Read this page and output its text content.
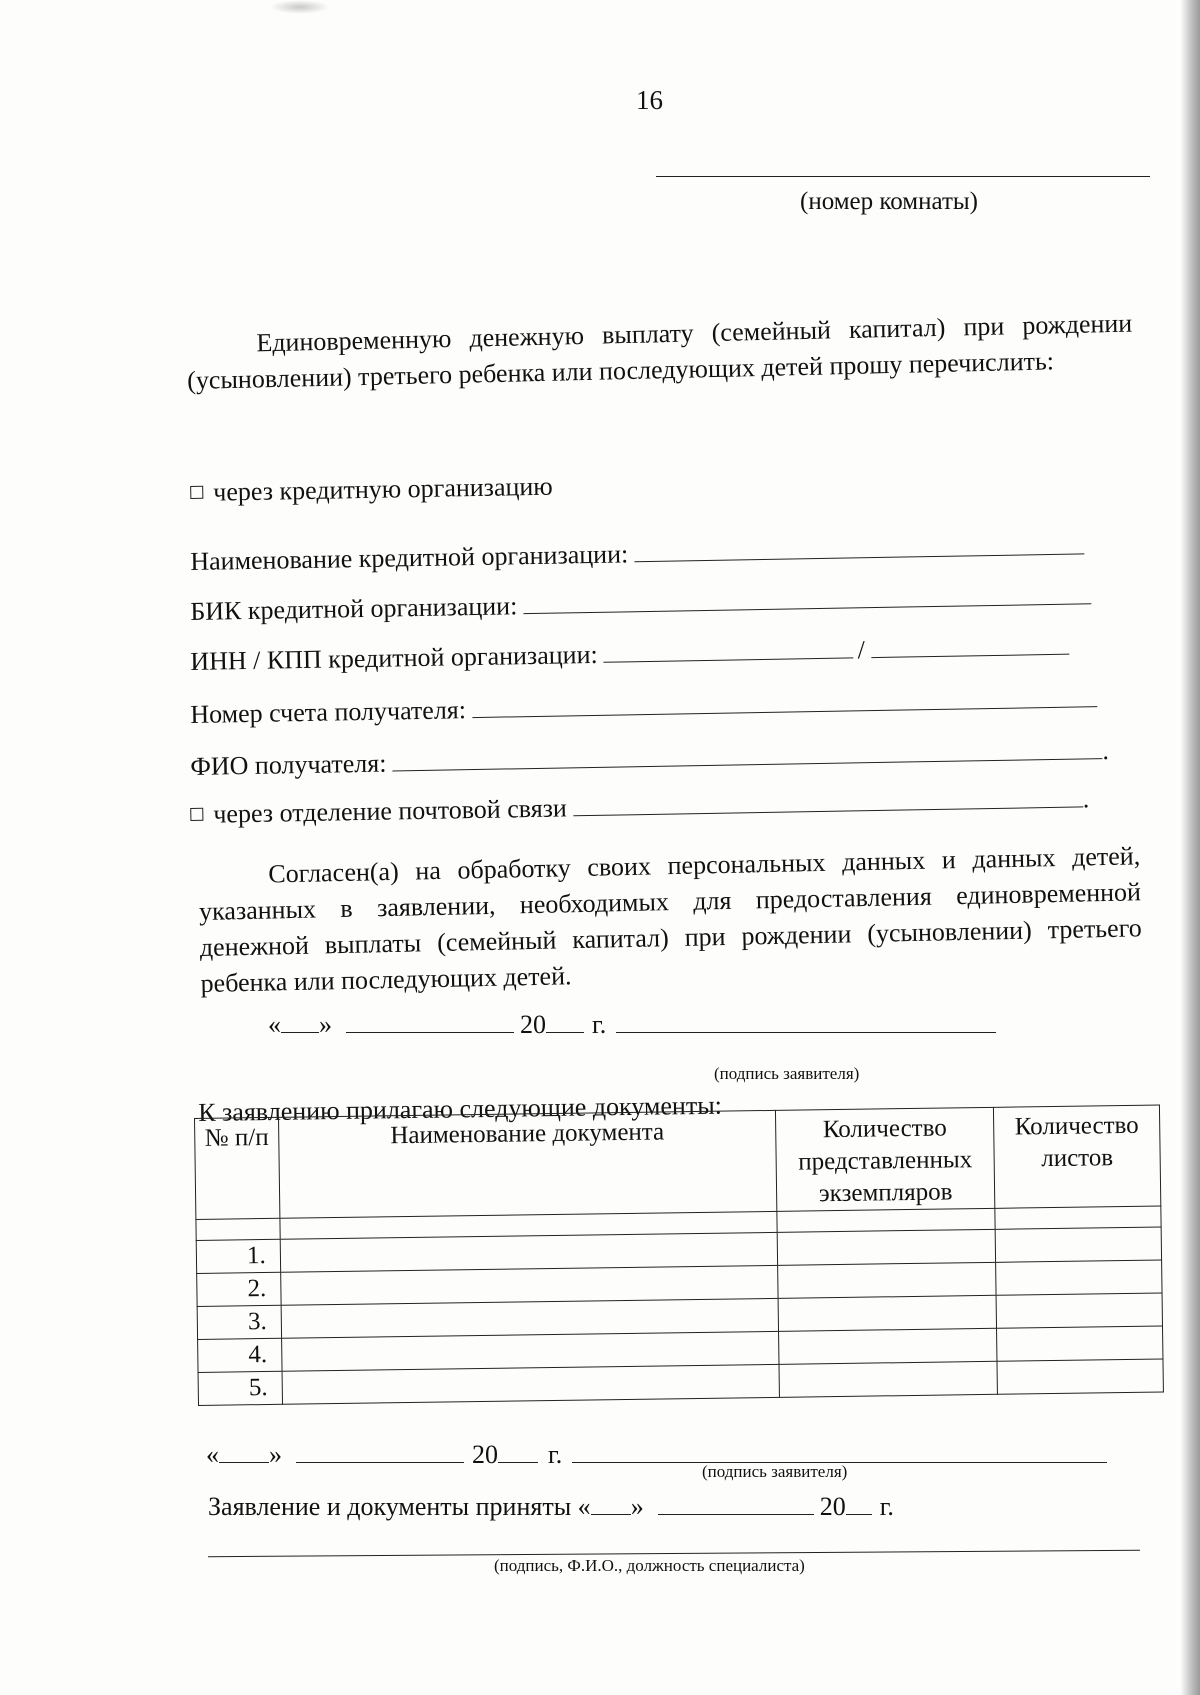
16
(номер комнаты)

Единовременную денежную выплату (семейный капитал) при рождении (усыновлении) третьего ребенка или последующих детей прошу перечислить:

через кредитную организацию
Наименование кредитной организации:
БИК кредитной организации:
ИНН / КПП кредитной организации:	/
Номер счета получателя:
ФИО получателя:	.
через отделение почтовой связи	.

Согласен(а) на обработку своих персональных данных и данных детей, указанных в заявлении, необходимых для предоставления единовременной денежной выплаты (семейный капитал) при рождении (усыновлении) третьего ребенка или последующих детей.

« »	20 г.
(подпись заявителя)
К заявлению прилагаю следующие документы:
№ п/п	Наименование документа	Количество представленных экземпляров	Количество листов

1.			
2.			
3.			
4.			
5.			
« »	20 г.
(подпись заявителя)
Заявление и документы приняты « »	20 г.
(подпись, Ф.И.О., должность специалиста)
